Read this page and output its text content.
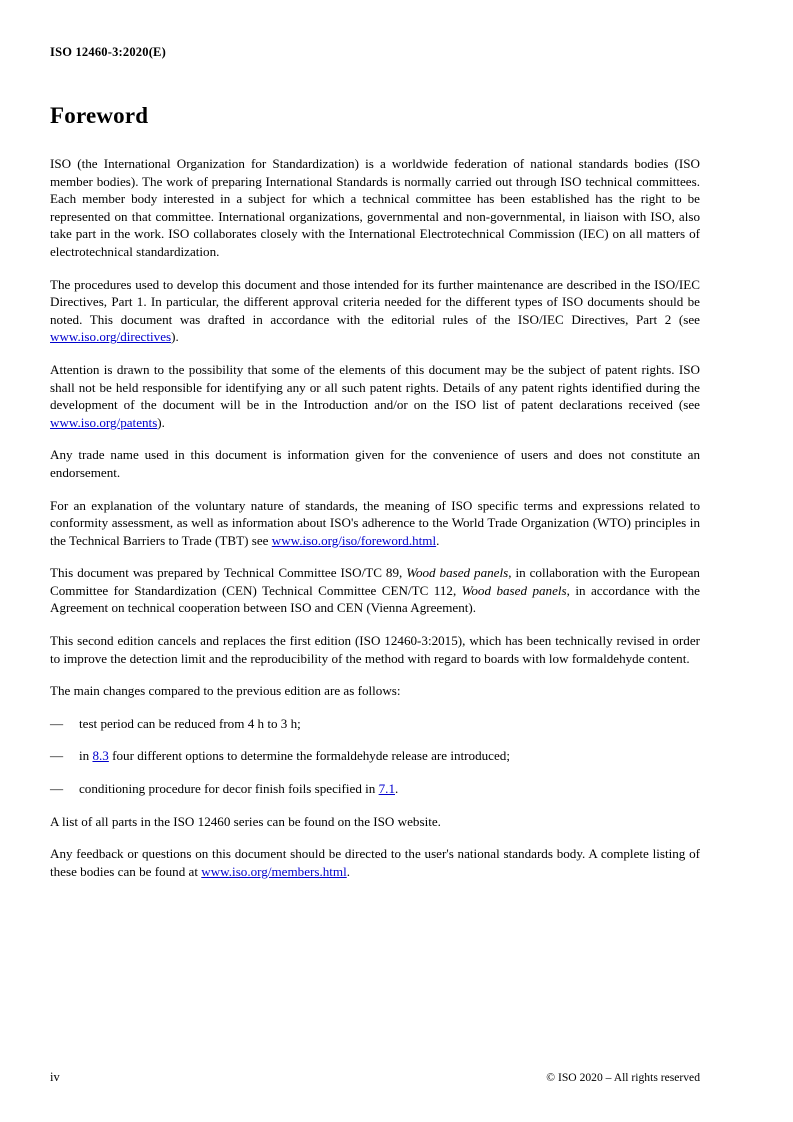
ISO 12460-3:2020(E)
Foreword

ISO (the International Organization for Standardization) is a worldwide federation of national standards bodies (ISO member bodies). The work of preparing International Standards is normally carried out through ISO technical committees. Each member body interested in a subject for which a technical committee has been established has the right to be represented on that committee. International organizations, governmental and non-governmental, in liaison with ISO, also take part in the work. ISO collaborates closely with the International Electrotechnical Commission (IEC) on all matters of electrotechnical standardization.

The procedures used to develop this document and those intended for its further maintenance are described in the ISO/IEC Directives, Part 1. In particular, the different approval criteria needed for the different types of ISO documents should be noted. This document was drafted in accordance with the editorial rules of the ISO/IEC Directives, Part 2 (see www.iso.org/directives).

Attention is drawn to the possibility that some of the elements of this document may be the subject of patent rights. ISO shall not be held responsible for identifying any or all such patent rights. Details of any patent rights identified during the development of the document will be in the Introduction and/or on the ISO list of patent declarations received (see www.iso.org/patents).

Any trade name used in this document is information given for the convenience of users and does not constitute an endorsement.

For an explanation of the voluntary nature of standards, the meaning of ISO specific terms and expressions related to conformity assessment, as well as information about ISO's adherence to the World Trade Organization (WTO) principles in the Technical Barriers to Trade (TBT) see www.iso.org/iso/foreword.html.

This document was prepared by Technical Committee ISO/TC 89, Wood based panels, in collaboration with the European Committee for Standardization (CEN) Technical Committee CEN/TC 112, Wood based panels, in accordance with the Agreement on technical cooperation between ISO and CEN (Vienna Agreement).

This second edition cancels and replaces the first edition (ISO 12460-3:2015), which has been technically revised in order to improve the detection limit and the reproducibility of the method with regard to boards with low formaldehyde content.

The main changes compared to the previous edition are as follows:

— test period can be reduced from 4 h to 3 h;
— in 8.3 four different options to determine the formaldehyde release are introduced;
— conditioning procedure for decor finish foils specified in 7.1.

A list of all parts in the ISO 12460 series can be found on the ISO website.

Any feedback or questions on this document should be directed to the user's national standards body. A complete listing of these bodies can be found at www.iso.org/members.html.

iv	© ISO 2020 – All rights reserved
